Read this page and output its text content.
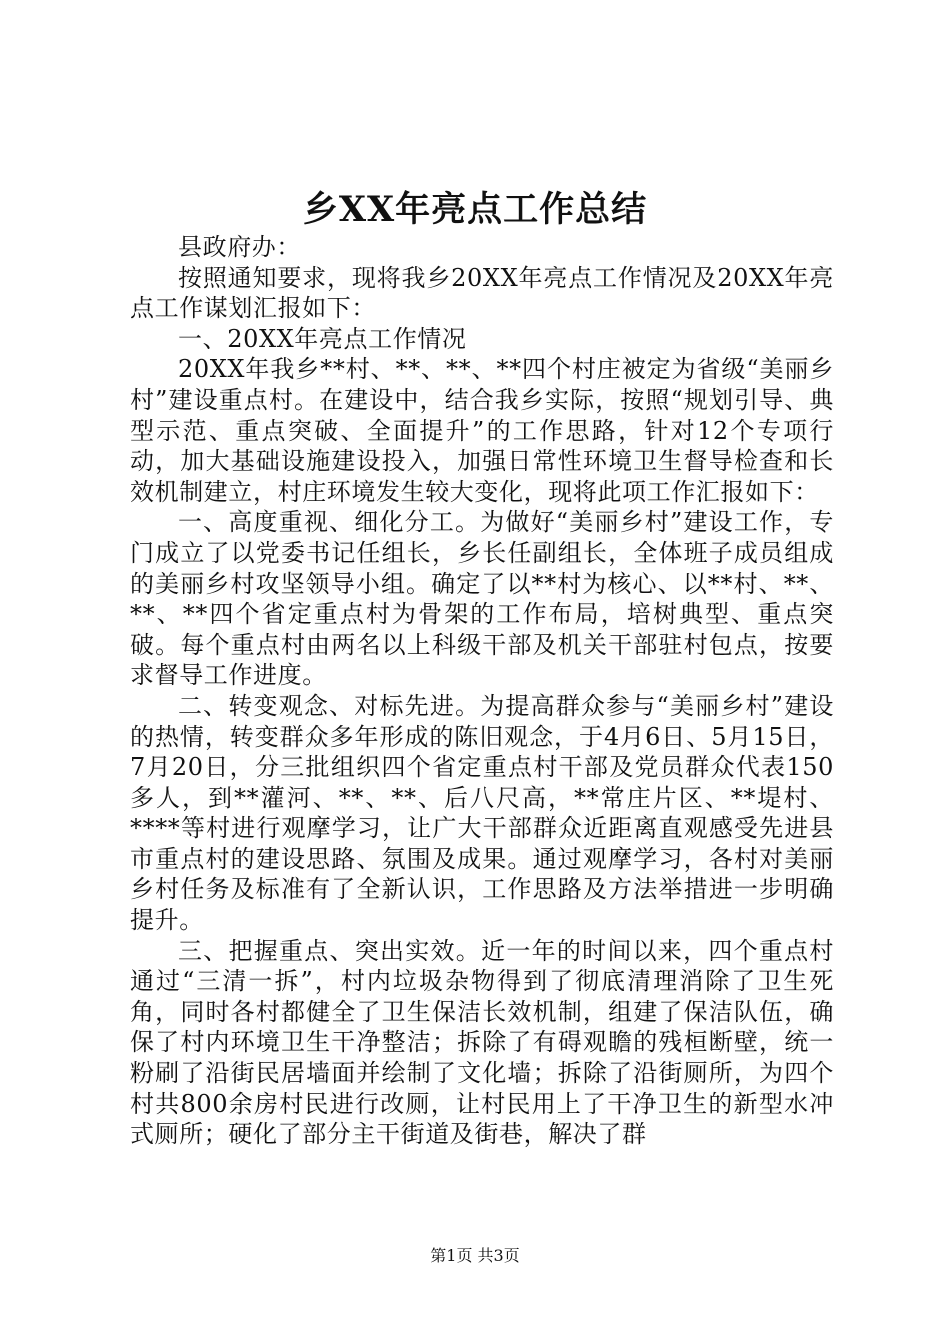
乡XX年亮点工作总结

县政府办：

按照通知要求，现将我乡20XX年亮点工作情况及20XX年亮点工作谋划汇报如下：

一、20XX年亮点工作情况

20XX年我乡**村、**、**、**四个村庄被定为省级“美丽乡村”建设重点村。在建设中，结合我乡实际，按照“规划引导、典型示范、重点突破、全面提升”的工作思路，针对12个专项行动，加大基础设施建设投入，加强日常性环境卫生督导检查和长效机制建立，村庄环境发生较大变化，现将此项工作汇报如下：

一、高度重视、细化分工。为做好“美丽乡村”建设工作，专门成立了以党委书记任组长，乡长任副组长，全体班子成员组成的美丽乡村攻坚领导小组。确定了以**村为核心、以**村、**、**、**四个省定重点村为骨架的工作布局，培树典型、重点突破。每个重点村由两名以上科级干部及机关干部驻村包点，按要求督导工作进度。

二、转变观念、对标先进。为提高群众参与“美丽乡村”建设的热情，转变群众多年形成的陈旧观念，于4月6日、5月15日，7月20日，分三批组织四个省定重点村干部及党员群众代表150多人，到**灌河、**、**、后八尺高，**常庄片区、**堤村、****等村进行观摩学习，让广大干部群众近距离直观感受先进县市重点村的建设思路、氛围及成果。通过观摩学习，各村对美丽乡村任务及标准有了全新认识，工作思路及方法举措进一步明确提升。

三、把握重点、突出实效。近一年的时间以来，四个重点村通过“三清一拆”，村内垃圾杂物得到了彻底清理消除了卫生死角，同时各村都健全了卫生保洁长效机制，组建了保洁队伍，确保了村内环境卫生干净整洁；拆除了有碍观瞻的残桓断壁，统一粉刷了沿街民居墙面并绘制了文化墙；拆除了沿街厕所，为四个村共800余房村民进行改厕，让村民用上了干净卫生的新型水冲式厕所；硬化了部分主干街道及街巷，解决了群

第1页 共3页
